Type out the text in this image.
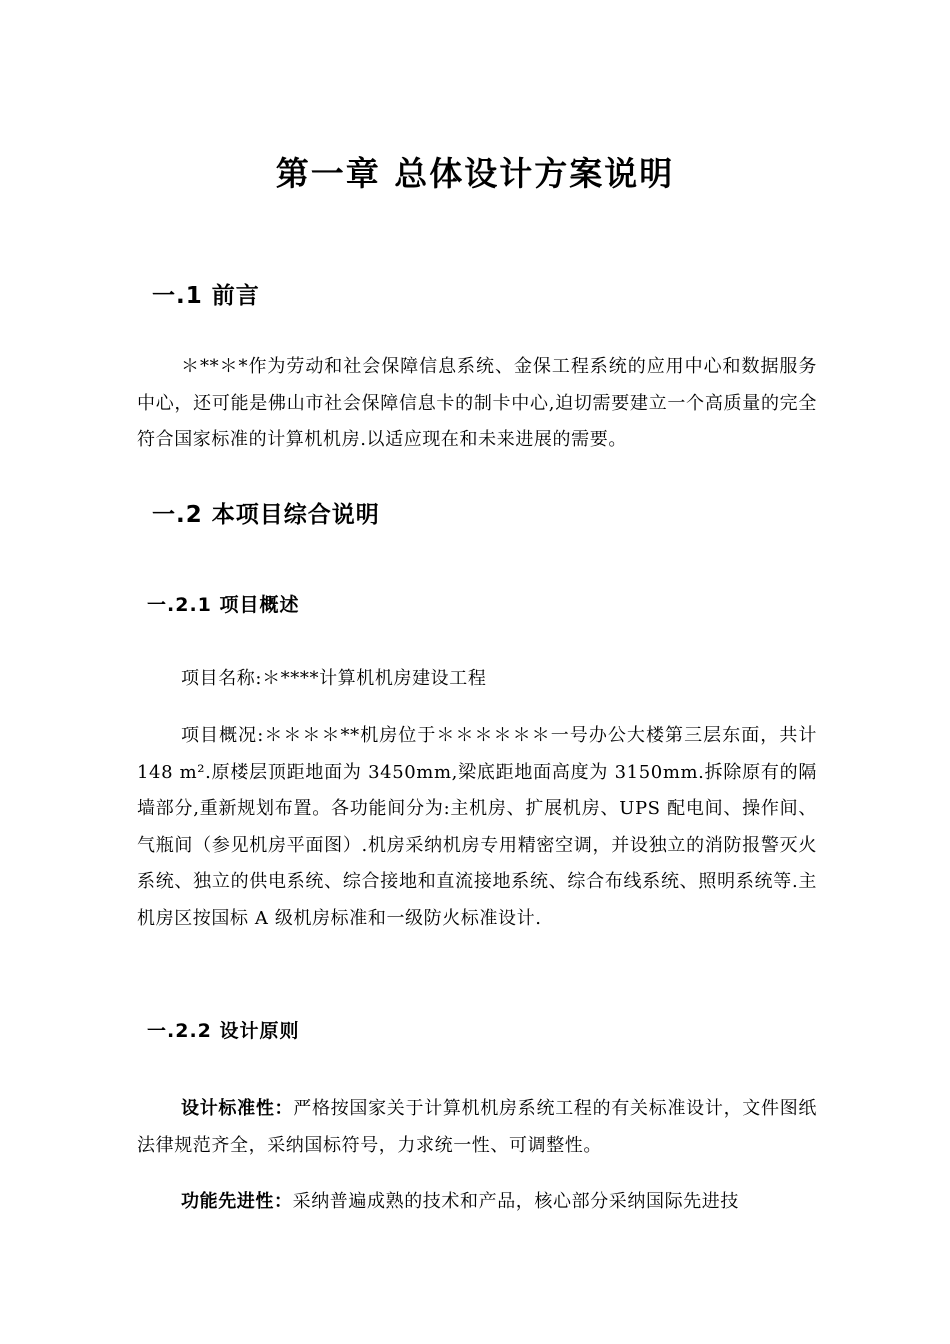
第一章 总体设计方案说明
一.1 前言

＊**＊*作为劳动和社会保障信息系统、金保工程系统的应用中心和数据服务中心，还可能是佛山市社会保障信息卡的制卡中心,迫切需要建立一个高质量的完全符合国家标准的计算机机房.以适应现在和未来进展的需要。

一.2 本项目综合说明
一.2.1 项目概述

项目名称:＊****计算机机房建设工程

项目概况:＊＊＊＊**机房位于＊＊＊＊＊＊一号办公大楼第三层东面，共计 148 m².原楼层顶距地面为 3450mm,梁底距地面高度为 3150mm.拆除原有的隔墙部分,重新规划布置。各功能间分为:主机房、扩展机房、UPS 配电间、操作间、气瓶间（参见机房平面图）.机房采纳机房专用精密空调，并设独立的消防报警灭火系统、独立的供电系统、综合接地和直流接地系统、综合布线系统、照明系统等.主机房区按国标 A 级机房标准和一级防火标准设计.

一.2.2 设计原则

设计标准性：严格按国家关于计算机机房系统工程的有关标准设计，文件图纸法律规范齐全，采纳国标符号，力求统一性、可调整性。

功能先进性：采纳普遍成熟的技术和产品，核心部分采纳国际先进技
